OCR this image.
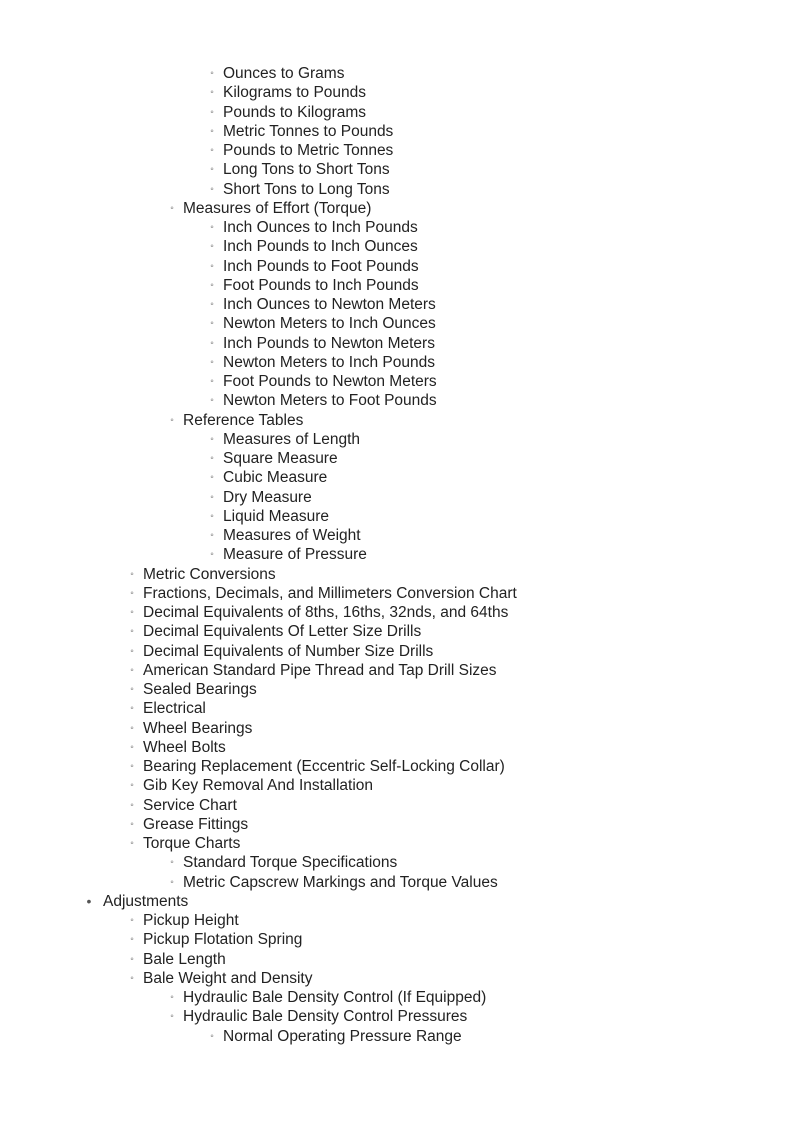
◦ Ounces to Grams
◦ Kilograms to Pounds
◦ Pounds to Kilograms
◦ Metric Tonnes to Pounds
◦ Pounds to Metric Tonnes
◦ Long Tons to Short Tons
◦ Short Tons to Long Tons
◦ Measures of Effort (Torque)
◦ Inch Ounces to Inch Pounds
◦ Inch Pounds to Inch Ounces
◦ Inch Pounds to Foot Pounds
◦ Foot Pounds to Inch Pounds
◦ Inch Ounces to Newton Meters
◦ Newton Meters to Inch Ounces
◦ Inch Pounds to Newton Meters
◦ Newton Meters to Inch Pounds
◦ Foot Pounds to Newton Meters
◦ Newton Meters to Foot Pounds
◦ Reference Tables
◦ Measures of Length
◦ Square Measure
◦ Cubic Measure
◦ Dry Measure
◦ Liquid Measure
◦ Measures of Weight
◦ Measure of Pressure
◦ Metric Conversions
◦ Fractions, Decimals, and Millimeters Conversion Chart
◦ Decimal Equivalents of 8ths, 16ths, 32nds, and 64ths
◦ Decimal Equivalents Of Letter Size Drills
◦ Decimal Equivalents of Number Size Drills
◦ American Standard Pipe Thread and Tap Drill Sizes
◦ Sealed Bearings
◦ Electrical
◦ Wheel Bearings
◦ Wheel Bolts
◦ Bearing Replacement (Eccentric Self-Locking Collar)
◦ Gib Key Removal And Installation
◦ Service Chart
◦ Grease Fittings
◦ Torque Charts
◦ Standard Torque Specifications
◦ Metric Capscrew Markings and Torque Values
• Adjustments
◦ Pickup Height
◦ Pickup Flotation Spring
◦ Bale Length
◦ Bale Weight and Density
◦ Hydraulic Bale Density Control (If Equipped)
◦ Hydraulic Bale Density Control Pressures
◦ Normal Operating Pressure Range
